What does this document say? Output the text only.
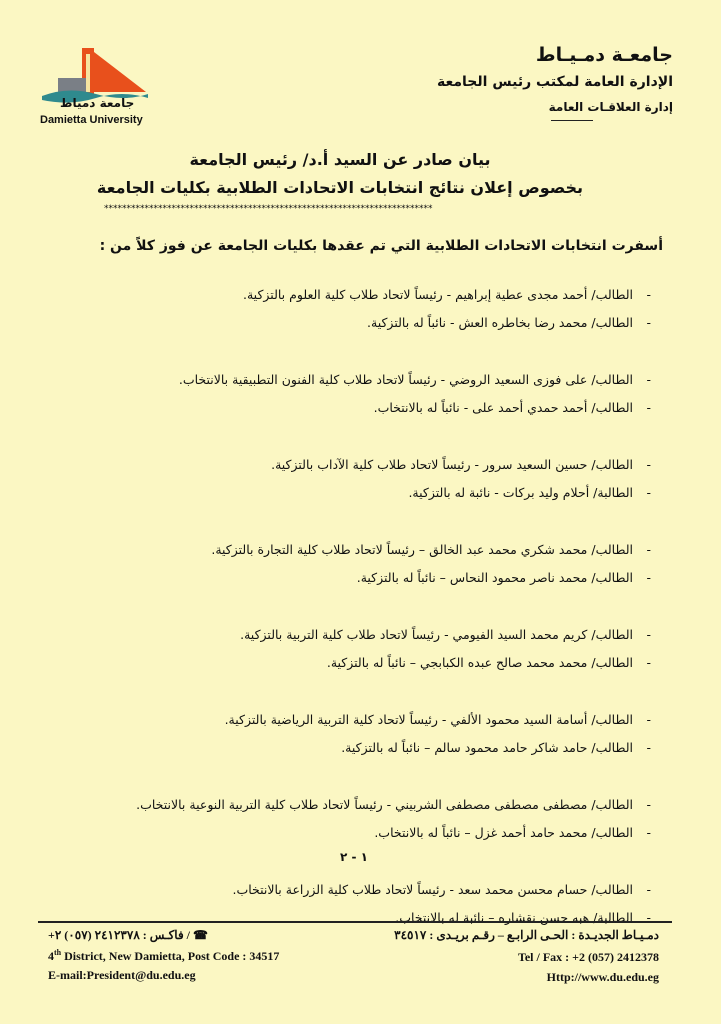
جامعة دمياط
Damietta University
جامعـة دمـيـاط
الإدارة العامة لمكتب رئيس الجامعة
إدارة العلاقـات العامة
بيان صادر عن السيد أ.د/ رئيس الجامعة
بخصوص إعلان نتائج انتخابات الاتحادات الطلابية بكليات الجامعة
*************************************************************************
أسفرت انتخابات الاتحادات الطلابية التي تم عقدها بكليات الجامعة عن فوز كلاً من :
-
الطالب/ أحمد مجدى عطية إبراهيم - رئيساً لاتحاد طلاب كلية العلوم بالتزكية.
-
الطالب/ محمد رضا بخاطره العش - نائباً له بالتزكية.
-
الطالب/ على فوزى السعيد الروضي - رئيساً لاتحاد طلاب كلية الفنون التطبيقية بالانتخاب.
-
الطالب/ أحمد حمدي أحمد على - نائباً له بالانتخاب.
-
الطالب/ حسين السعيد سرور - رئيساً لاتحاد طلاب كلية الآداب بالتزكية.
-
الطالبة/ أحلام وليد بركات - نائبة له بالتزكية.
-
الطالب/ محمد شكري محمد عبد الخالق – رئيساً لاتحاد طلاب كلية التجارة بالتزكية.
-
الطالب/ محمد ناصر محمود النحاس – نائباً له بالتزكية.
-
الطالب/ كريم محمد السيد الفيومي - رئيساً لاتحاد طلاب كلية التربية بالتزكية.
-
الطالب/ محمد محمد صالح عبده الكبابجي – نائباً له بالتزكية.
-
الطالب/ أسامة السيد محمود الألفي - رئيساً لاتحاد كلية التربية الرياضية بالتزكية.
-
الطالب/ حامد شاكر حامد محمود سالم – نائباً له بالتزكية.
-
الطالب/ مصطفى مصطفى مصطفى الشربيني - رئيساً لاتحاد طلاب كلية التربية النوعية بالانتخاب.
-
الطالب/ محمد حامد أحمد غزل – نائباً له بالانتخاب.
-
الطالب/ حسام محسن محمد سعد - رئيساً لاتحاد طلاب كلية الزراعة بالانتخاب.
-
الطالبة/ هبه حسن نقشاره – نائبة له بالانتخاب.
١ - ٢
☎ / فاكـس : ٢٤١٢٣٧٨ (٠٥٧) ٢+
4th District, New Damietta, Post Code : 34517
E-mail:President@du.edu.eg
دمـيـاط الجديـدة : الحـى الرابـع – رقـم بريـدى : ٣٤٥١٧
Tel / Fax : +2 (057) 2412378
Http://www.du.edu.eg
